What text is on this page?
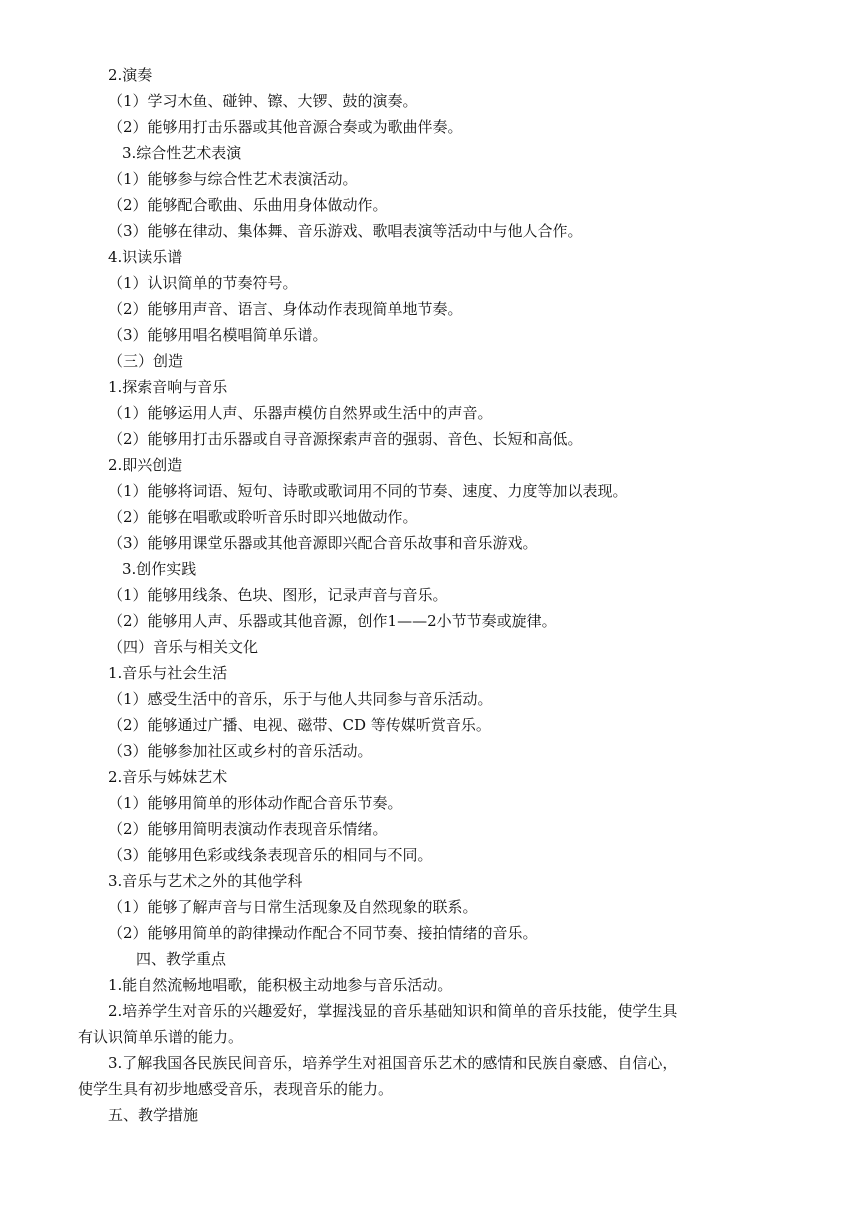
2.演奏
（1）学习木鱼、碰钟、镲、大锣、鼓的演奏。
（2）能够用打击乐器或其他音源合奏或为歌曲伴奏。
3.综合性艺术表演
（1）能够参与综合性艺术表演活动。
（2）能够配合歌曲、乐曲用身体做动作。
（3）能够在律动、集体舞、音乐游戏、歌唱表演等活动中与他人合作。
4.识读乐谱
（1）认识简单的节奏符号。
（2）能够用声音、语言、身体动作表现简单地节奏。
（3）能够用唱名模唱简单乐谱。
（三）创造
1.探索音响与音乐
（1）能够运用人声、乐器声模仿自然界或生活中的声音。
（2）能够用打击乐器或自寻音源探索声音的强弱、音色、长短和高低。
2.即兴创造
（1）能够将词语、短句、诗歌或歌词用不同的节奏、速度、力度等加以表现。
（2）能够在唱歌或聆听音乐时即兴地做动作。
（3）能够用课堂乐器或其他音源即兴配合音乐故事和音乐游戏。
3.创作实践
（1）能够用线条、色块、图形，记录声音与音乐。
（2）能够用人声、乐器或其他音源，创作1——2小节节奏或旋律。
（四）音乐与相关文化
1.音乐与社会生活
（1）感受生活中的音乐，乐于与他人共同参与音乐活动。
（2）能够通过广播、电视、磁带、CD 等传媒听赏音乐。
（3）能够参加社区或乡村的音乐活动。
2.音乐与姊妹艺术
（1）能够用简单的形体动作配合音乐节奏。
（2）能够用简明表演动作表现音乐情绪。
（3）能够用色彩或线条表现音乐的相同与不同。
3.音乐与艺术之外的其他学科
（1）能够了解声音与日常生活现象及自然现象的联系。
（2）能够用简单的韵律操动作配合不同节奏、接拍情绪的音乐。
四、教学重点
1.能自然流畅地唱歌，能积极主动地参与音乐活动。
2.培养学生对音乐的兴趣爱好，掌握浅显的音乐基础知识和简单的音乐技能，使学生具
有认识简单乐谱的能力。
3.了解我国各民族民间音乐，培养学生对祖国音乐艺术的感情和民族自豪感、自信心，
使学生具有初步地感受音乐，表现音乐的能力。
五、教学措施
